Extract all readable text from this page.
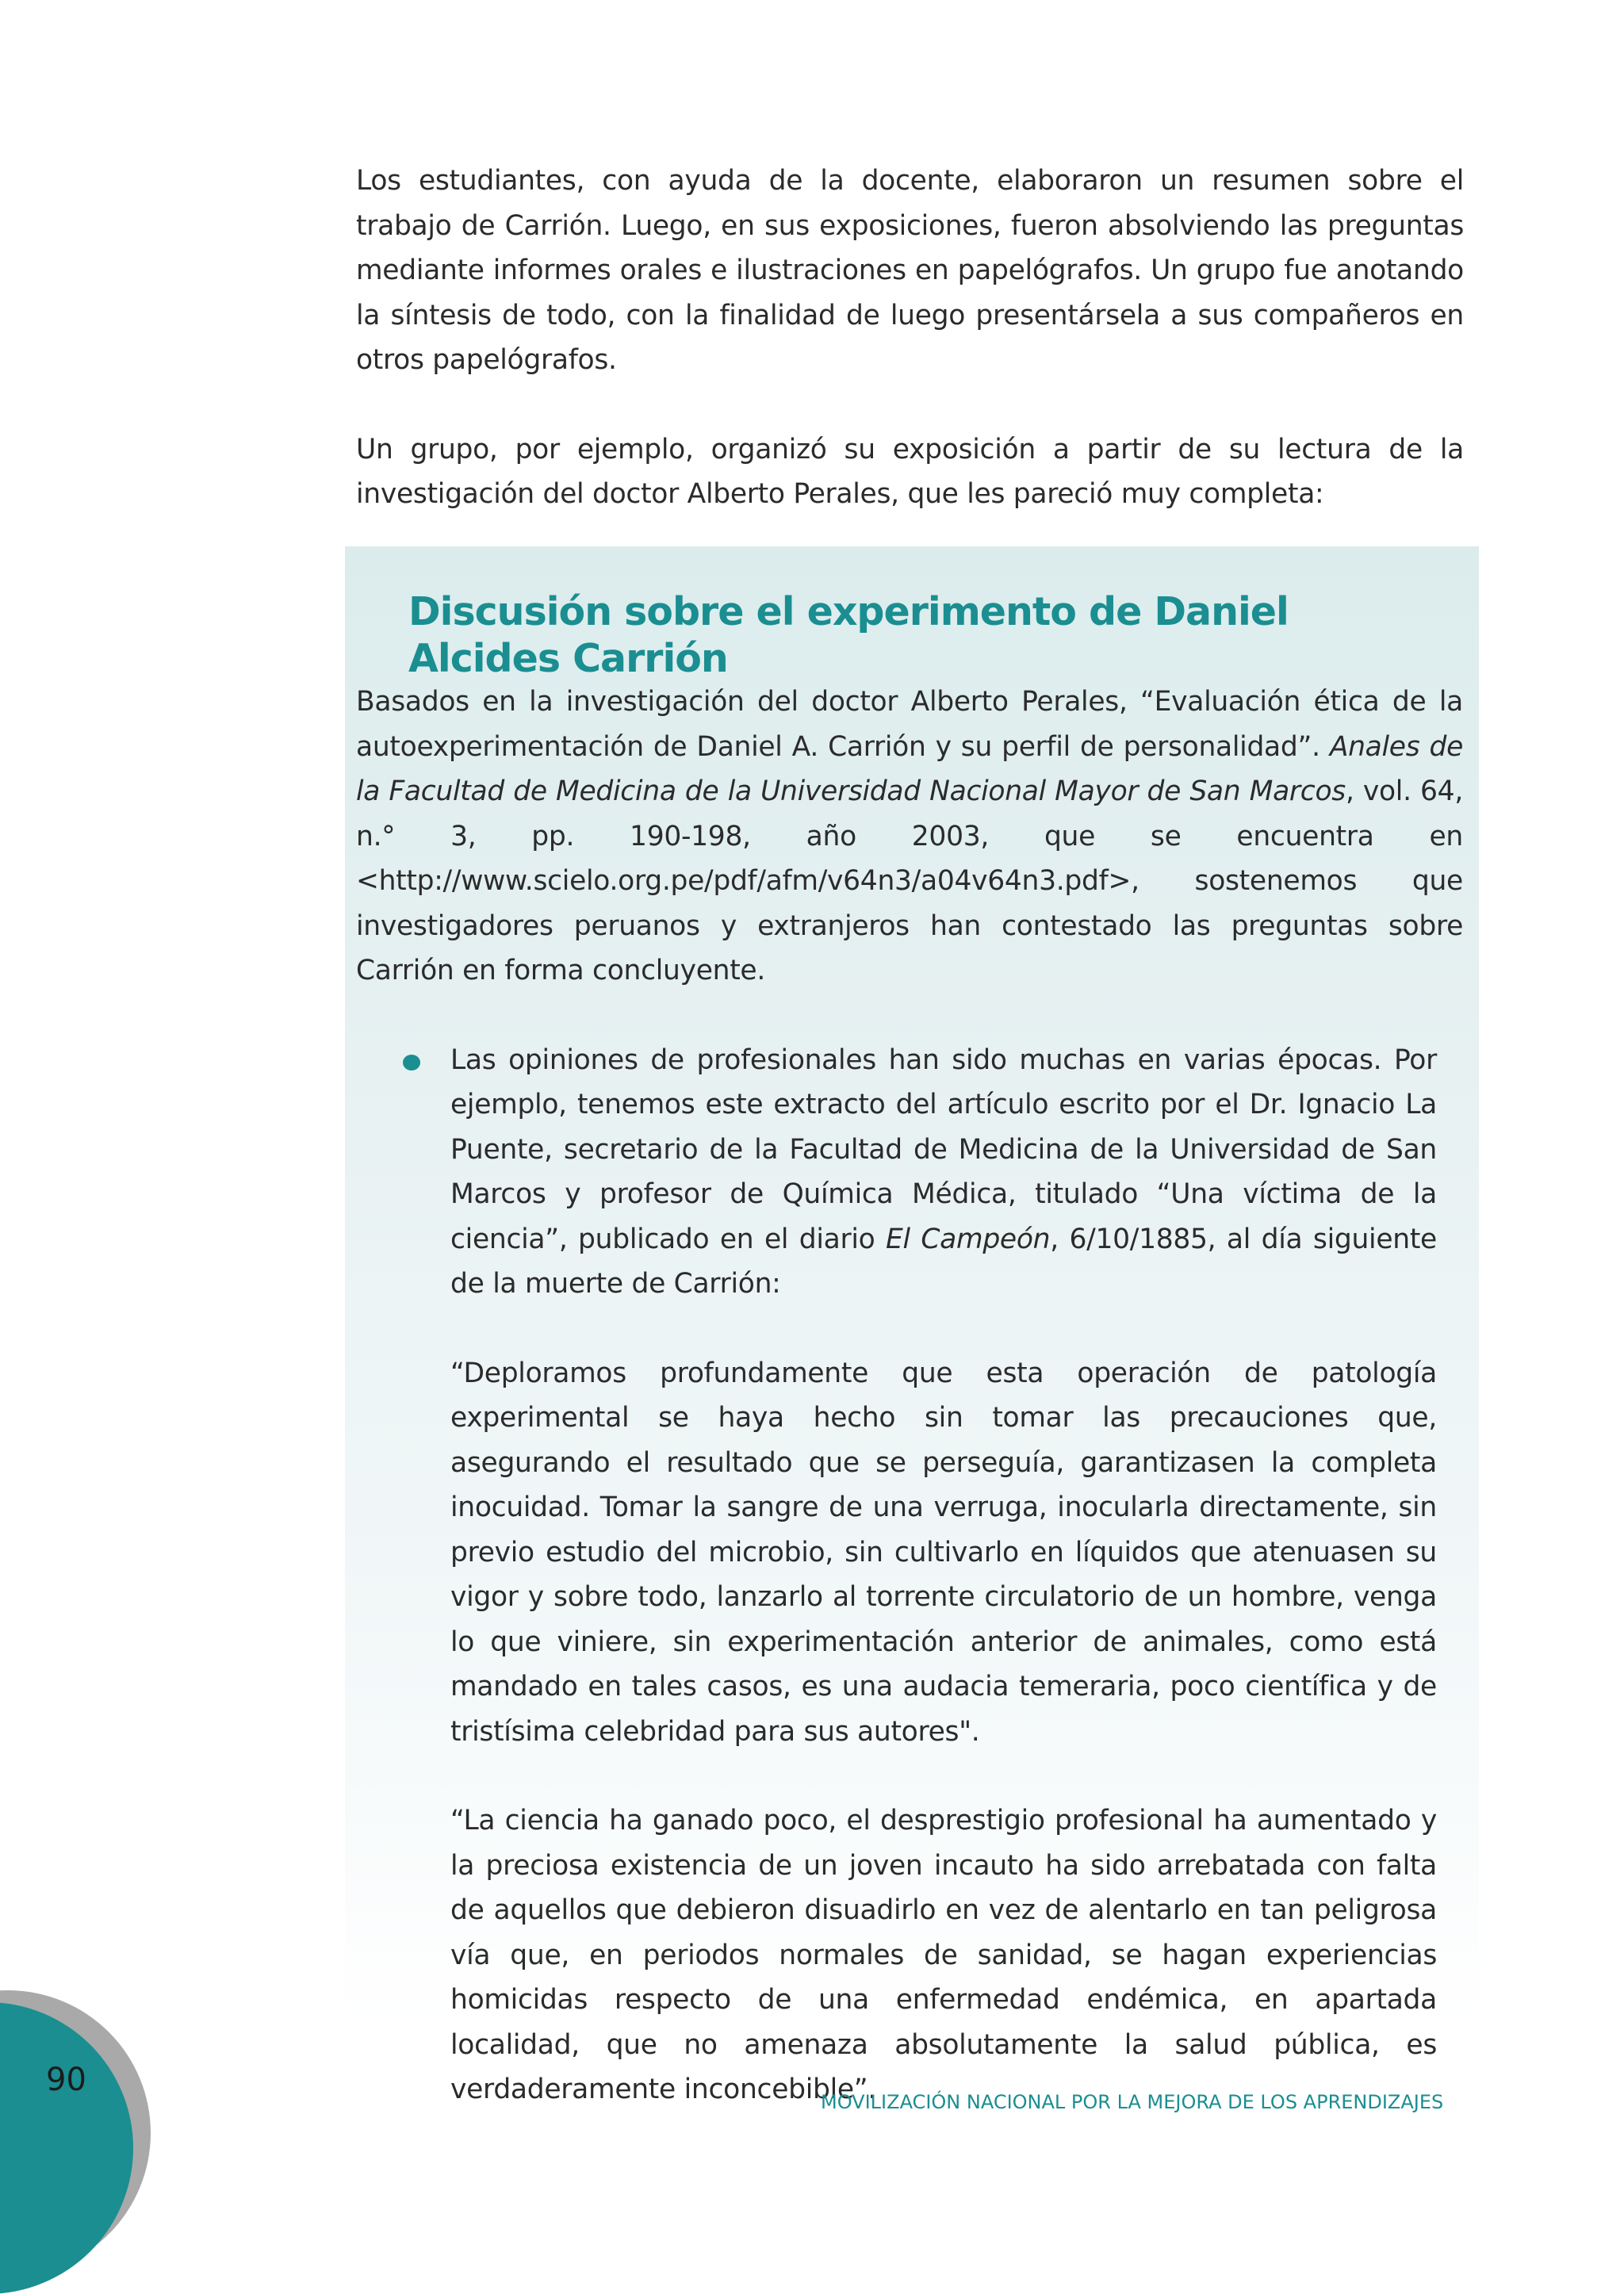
Los estudiantes, con ayuda de la docente, elaboraron un resumen sobre el trabajo de Carrión. Luego, en sus exposiciones, fueron absolviendo las preguntas mediante informes orales e ilustraciones en papelógrafos. Un grupo fue anotando la síntesis de todo, con la finalidad de luego presentársela a sus compañeros en otros papelógrafos.

Un grupo, por ejemplo, organizó su exposición a partir de su lectura de la investigación del doctor Alberto Perales, que les pareció muy completa:

Discusión sobre el experimento de Daniel Alcides Carrión

Basados en la investigación del doctor Alberto Perales, “Evaluación ética de la autoexperimentación de Daniel A. Carrión y su perfil de personalidad”. Anales de la Facultad de Medicina de la Universidad Nacional Mayor de San Marcos, vol. 64, n.° 3, pp. 190-198, año 2003, que se encuentra en <http://www.scielo.org.pe/pdf/afm/v64n3/a04v64n3.pdf>, sostenemos que investigadores peruanos y extranjeros han contestado las preguntas sobre Carrión en forma concluyente.

Las opiniones de profesionales han sido muchas en varias épocas. Por ejemplo, tenemos este extracto del artículo escrito por el Dr. Ignacio La Puente, secretario de la Facultad de Medicina de la Universidad de San Marcos y profesor de Química Médica, titulado “Una víctima de la ciencia”, publicado en el diario El Campeón, 6/10/1885, al día siguiente de la muerte de Carrión:

“Deploramos profundamente que esta operación de patología experimental se haya hecho sin tomar las precauciones que, asegurando el resultado que se perseguía, garantizasen la completa inocuidad. Tomar la sangre de una verruga, inocularla directamente, sin previo estudio del microbio, sin cultivarlo en líquidos que atenuasen su vigor y sobre todo, lanzarlo al torrente circulatorio de un hombre, venga lo que viniere, sin experimentación anterior de animales, como está mandado en tales casos, es una audacia temeraria, poco científica y de tristísima celebridad para sus autores".

“La ciencia ha ganado poco, el desprestigio profesional ha aumentado y la preciosa existencia de un joven incauto ha sido arrebatada con falta de aquellos que debieron disuadirlo en vez de alentarlo en tan peligrosa vía que, en periodos normales de sanidad, se hagan experiencias homicidas respecto de una enfermedad endémica, en apartada localidad, que no amenaza absolutamente la salud pública, es verdaderamente inconcebible”.

90
MOVILIZACIÓN NACIONAL POR LA MEJORA DE LOS APRENDIZAJES
